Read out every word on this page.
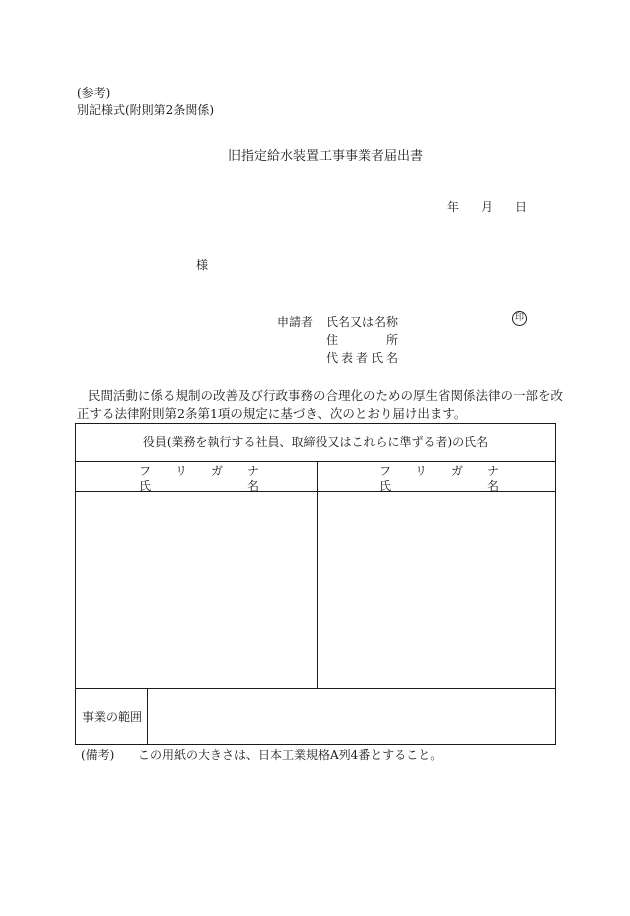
(参考)
別記様式(附則第2条関係)
旧指定給水装置工事事業者届出書
年 月 日
様
申請者 氏名又は名称
住	所
代 表 者 氏 名
印
民間活動に係る規制の改善及び行政事務の合理化のための厚生省関係法律の一部を改
正する法律附則第2条第1項の規定に基づき、次のとおり届け出ます。
役員(業務を執行する社員、取締役又はこれらに準ずる者)の氏名
フ リ ガ ナ
氏	名
フ リ ガ ナ
氏	名
事業の範囲
(備考) この用紙の大きさは、日本工業規格A列4番とすること。
